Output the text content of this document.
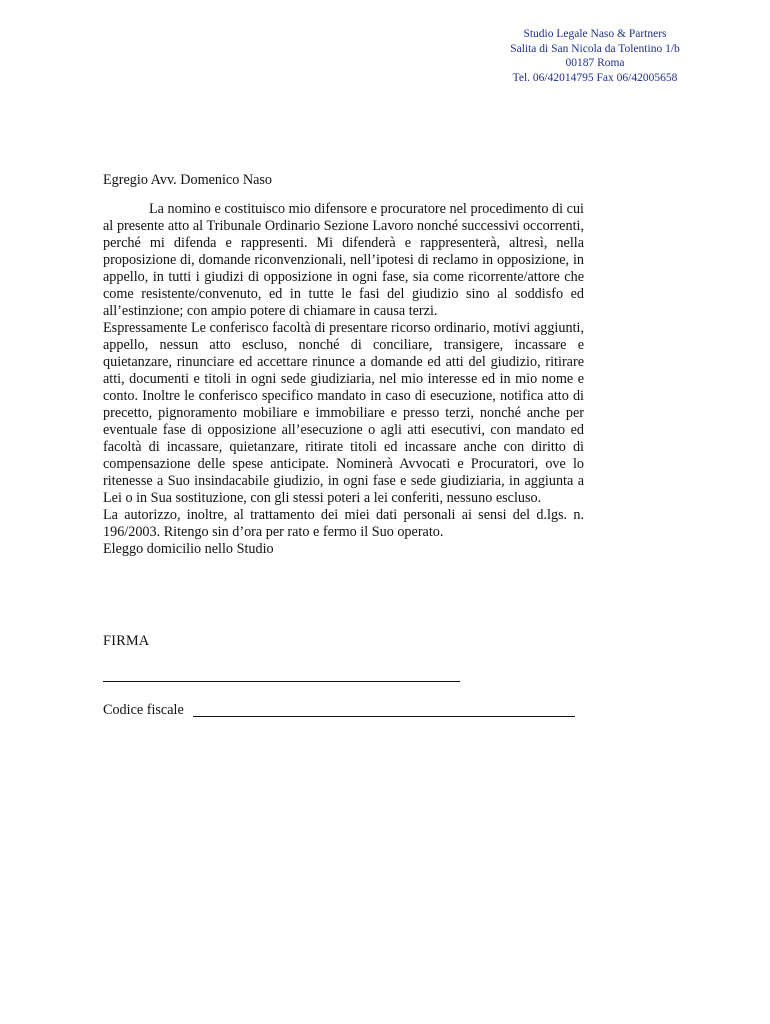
Studio Legale Naso & Partners
Salita di San Nicola da Tolentino 1/b
00187 Roma
Tel. 06/42014795 Fax 06/42005658

Egregio Avv. Domenico Naso

La nomino e costituisco mio difensore e procuratore nel procedimento di cui al presente atto al Tribunale Ordinario Sezione Lavoro nonché successivi occorrenti, perché mi difenda e rappresenti. Mi difenderà e rappresenterà, altresì, nella proposizione di, domande riconvenzionali, nell’ipotesi di reclamo in opposizione, in appello, in tutti i giudizi di opposizione in ogni fase, sia come ricorrente/attore che come resistente/convenuto, ed in tutte le fasi del giudizio sino al soddisfo ed all’estinzione; con ampio potere di chiamare in causa terzi.

Espressamente Le conferisco facoltà di presentare ricorso ordinario, motivi aggiunti, appello, nessun atto escluso, nonché di conciliare, transigere, incassare e quietanzare, rinunciare ed accettare rinunce a domande ed atti del giudizio, ritirare atti, documenti e titoli in ogni sede giudiziaria, nel mio interesse ed in mio nome e conto. Inoltre le conferisco specifico mandato in caso di esecuzione, notifica atto di precetto, pignoramento mobiliare e immobiliare e presso terzi, nonché anche per eventuale fase di opposizione all’esecuzione o agli atti esecutivi, con mandato ed facoltà di incassare, quietanzare, ritirate titoli ed incassare anche con diritto di compensazione delle spese anticipate. Nominerà Avvocati e Procuratori, ove lo ritenesse a Suo insindacabile giudizio, in ogni fase e sede giudiziaria, in aggiunta a Lei o in Sua sostituzione, con gli stessi poteri a lei conferiti, nessuno escluso.

La autorizzo, inoltre, al trattamento dei miei dati personali ai sensi del d.lgs. n. 196/2003. Ritengo sin d’ora per rato e fermo il Suo operato.

Eleggo domicilio nello Studio

FIRMA
Codice fiscale
